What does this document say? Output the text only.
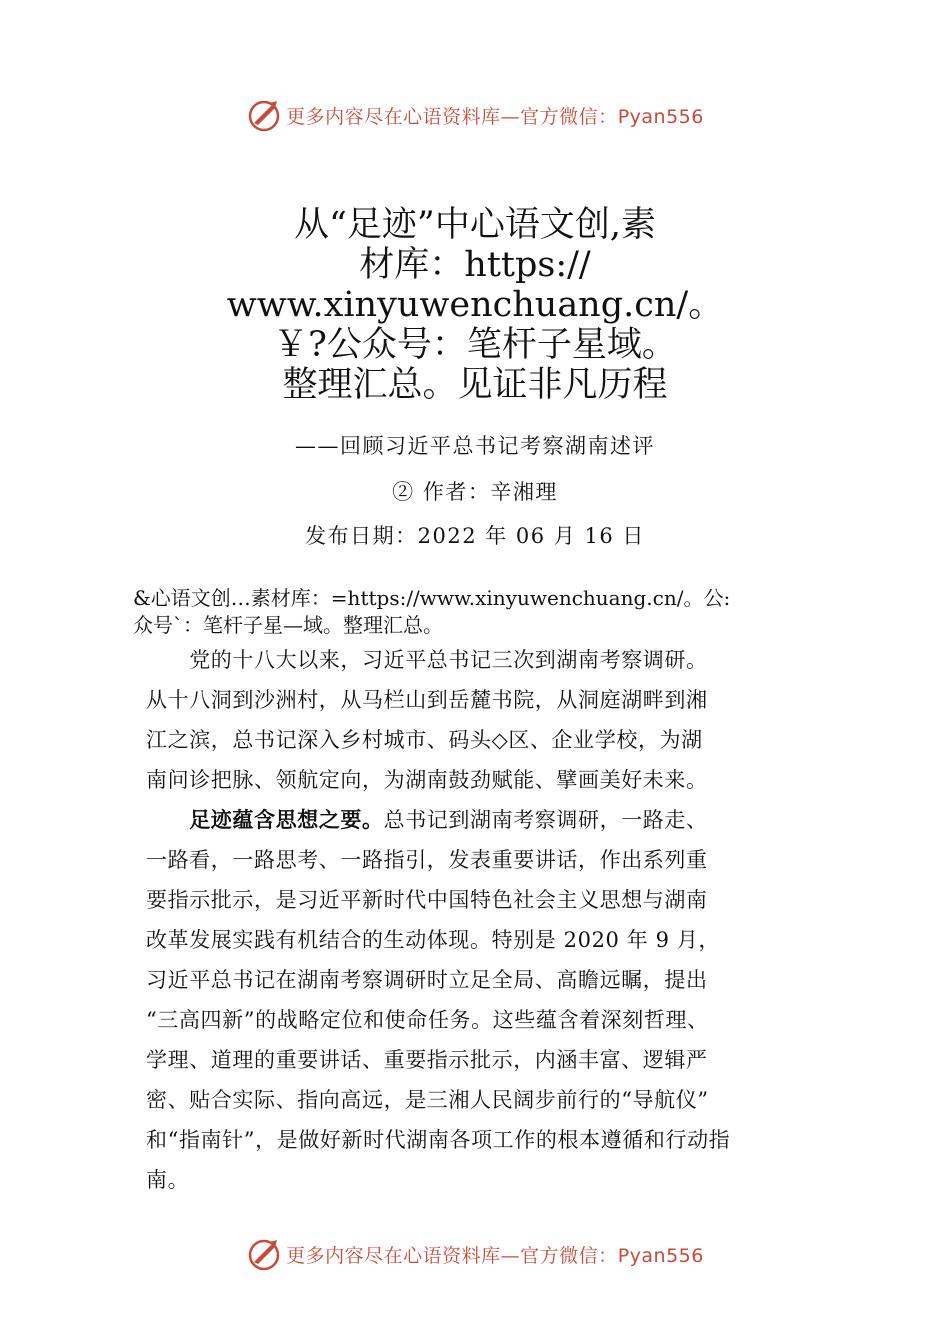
更多内容尽在心语资料库—官方微信：Pyan556
从“足迹”中心语文创,素
材库：https://
www.xinyuwenchuang.cn/。
￥?公众号：笔杆子星域。
整理汇总。见证非凡历程
——回顾习近平总书记考察湖南述评
② 作者：辛湘理
发布日期：2022 年 06 月 16 日
&心语文创…素材库：=https://www.xinyuwenchuang.cn/。公:
众号`：笔杆子星—域。整理汇总。
　　党的十八大以来，习近平总书记三次到湖南考察调研。
从十八洞到沙洲村，从马栏山到岳麓书院，从洞庭湖畔到湘
江之滨，总书记深入乡村城市、码头◇区、企业学校，为湖
南问诊把脉、领航定向，为湖南鼓劲赋能、擘画美好未来。
　　足迹蕴含思想之要。总书记到湖南考察调研，一路走、
一路看，一路思考、一路指引，发表重要讲话，作出系列重
要指示批示，是习近平新时代中国特色社会主义思想与湖南
改革发展实践有机结合的生动体现。特别是 2020 年 9 月，
习近平总书记在湖南考察调研时立足全局、高瞻远瞩，提出
“三高四新”的战略定位和使命任务。这些蕴含着深刻哲理、
学理、道理的重要讲话、重要指示批示，内涵丰富、逻辑严
密、贴合实际、指向高远，是三湘人民阔步前行的“导航仪”
和“指南针”，是做好新时代湖南各项工作的根本遵循和行动指
南。
更多内容尽在心语资料库—官方微信：Pyan556
